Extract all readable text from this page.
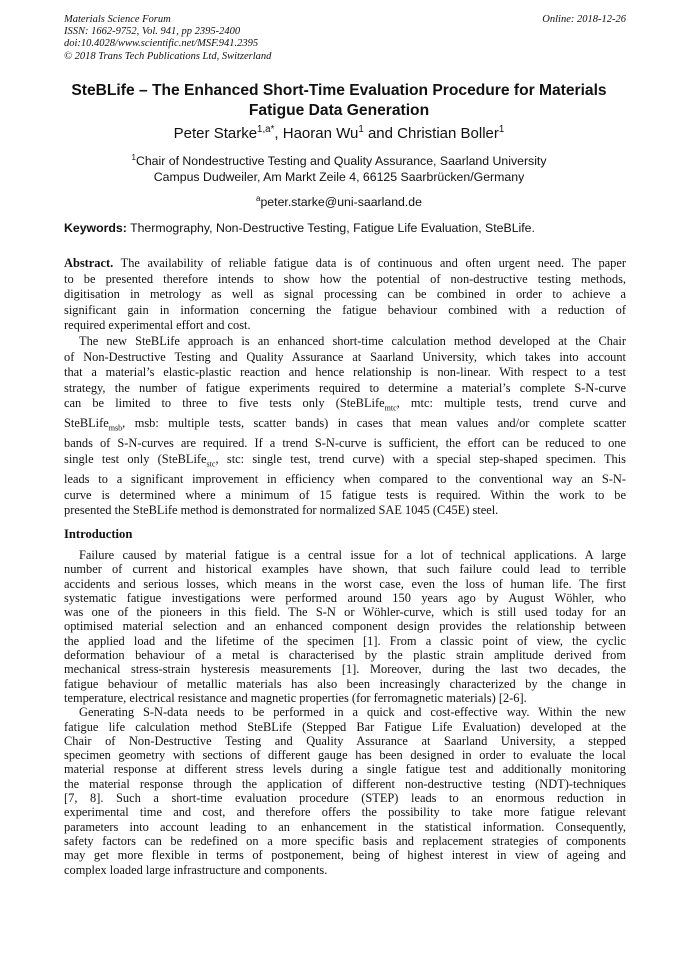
Materials Science Forum
ISSN: 1662-9752, Vol. 941, pp 2395-2400
doi:10.4028/www.scientific.net/MSF.941.2395
© 2018 Trans Tech Publications Ltd, Switzerland
Online: 2018-12-26
SteBLife – The Enhanced Short-Time Evaluation Procedure for Materials
Fatigue Data Generation
Peter Starke$^{1,a*}$, Haoran Wu$^1$ and Christian Boller$^1$
$^1$Chair of Nondestructive Testing and Quality Assurance, Saarland University
Campus Dudweiler, Am Markt Zeile 4, 66125 Saarbrücken/Germany
$^a$peter.starke@uni-saarland.de
Keywords: Thermography, Non-Destructive Testing, Fatigue Life Evaluation, SteBLife.
Abstract. The availability of reliable fatigue data is of continuous and often urgent need. The paper
to be presented therefore intends to show how the potential of non-destructive testing methods,
digitisation in metrology as well as signal processing can be combined in order to achieve a
significant gain in information concerning the fatigue behaviour combined with a reduction of
required experimental effort and cost.
The new SteBLife approach is an enhanced short-time calculation method developed at the Chair
of Non-Destructive Testing and Quality Assurance at Saarland University, which takes into account
that a material’s elastic-plastic reaction and hence relationship is non-linear. With respect to a test
strategy, the number of fatigue experiments required to determine a material’s complete S-N-curve
can be limited to three to five tests only (SteBLife$_{mtc}$, mtc: multiple tests, trend curve and
SteBLife$_{msb}$, msb: multiple tests, scatter bands) in cases that mean values and/or complete scatter
bands of S-N-curves are required. If a trend S-N-curve is sufficient, the effort can be reduced to one
single test only (SteBLife$_{stc}$, stc: single test, trend curve) with a special step-shaped specimen. This
leads to a significant improvement in efficiency when compared to the conventional way an S-N-
curve is determined where a minimum of 15 fatigue tests is required. Within the work to be
presented the SteBLife method is demonstrated for normalized SAE 1045 (C45E) steel.
Introduction
Failure caused by material fatigue is a central issue for a lot of technical applications. A large
number of current and historical examples have shown, that such failure could lead to terrible
accidents and serious losses, which means in the worst case, even the loss of human life. The first
systematic fatigue investigations were performed around 150 years ago by August Wöhler, who
was one of the pioneers in this field. The S-N or Wöhler-curve, which is still used today for an
optimised material selection and an enhanced component design provides the relationship between
the applied load and the lifetime of the specimen [1]. From a classic point of view, the cyclic
deformation behaviour of a metal is characterised by the plastic strain amplitude derived from
mechanical stress-strain hysteresis measurements [1]. Moreover, during the last two decades, the
fatigue behaviour of metallic materials has also been increasingly characterized by the change in
temperature, electrical resistance and magnetic properties (for ferromagnetic materials) [2-6].
Generating S-N-data needs to be performed in a quick and cost-effective way. Within the new
fatigue life calculation method SteBLife (Stepped Bar Fatigue Life Evaluation) developed at the
Chair of Non-Destructive Testing and Quality Assurance at Saarland University, a stepped
specimen geometry with sections of different gauge has been designed in order to evaluate the local
material response at different stress levels during a single fatigue test and additionally monitoring
the material response through the application of different non-destructive testing (NDT)-techniques
[7, 8]. Such a short-time evaluation procedure (STEP) leads to an enormous reduction in
experimental time and cost, and therefore offers the possibility to take more fatigue relevant
parameters into account leading to an enhancement in the statistical information. Consequently,
safety factors can be redefined on a more specific basis and replacement strategies of components
may get more flexible in terms of postponement, being of highest interest in view of ageing and
complex loaded large infrastructure and components.
